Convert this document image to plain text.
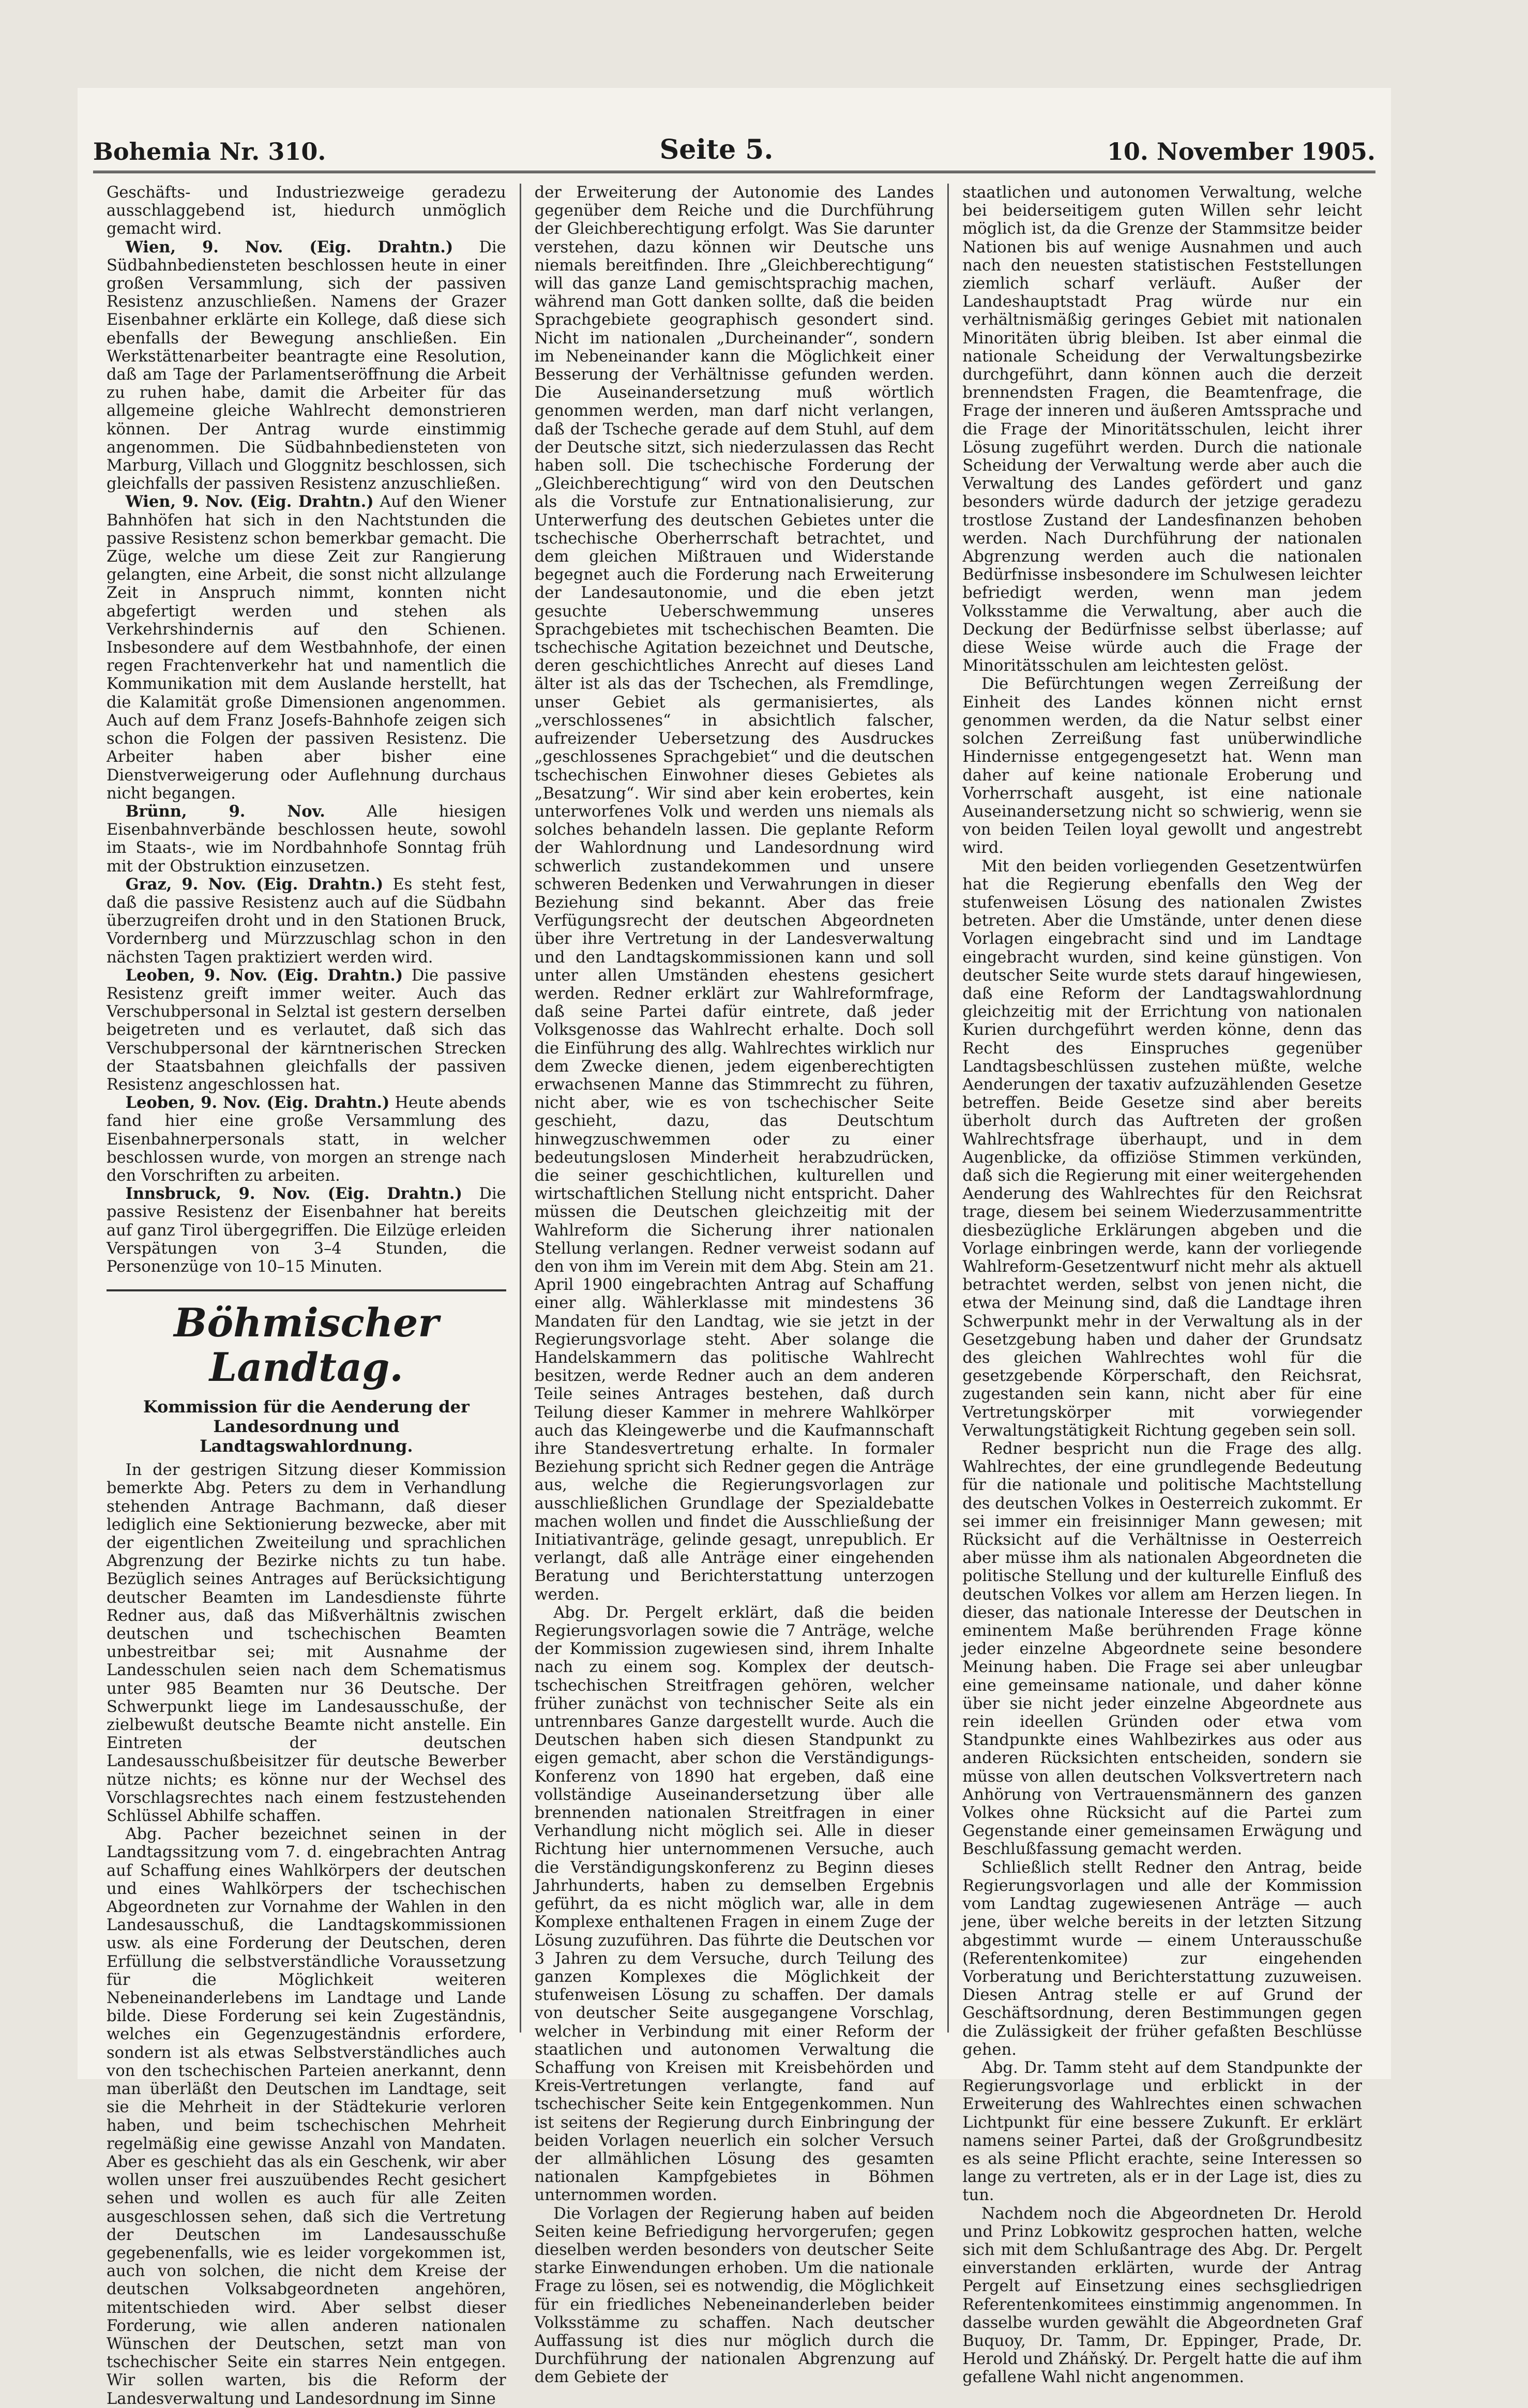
Bohemia Nr. 310.	Seite 5.	10. November 1905.

Geschäfts- und Industriezweige geradezu ausschlaggebend ist, hiedurch unmöglich gemacht wird.

Wien, 9. Nov. (Eig. Drahtn.) Die Südbahnbediensteten beschlossen heute in einer großen Versammlung, sich der passiven Resistenz anzuschließen. Namens der Grazer Eisenbahner erklärte ein Kollege, daß diese sich ebenfalls der Bewegung anschließen. Ein Werkstättenarbeiter beantragte eine Resolution, daß am Tage der Parlamentseröffnung die Arbeit zu ruhen habe, damit die Arbeiter für das allgemeine gleiche Wahlrecht demonstrieren können. Der Antrag wurde einstimmig angenommen. Die Südbahnbediensteten von Marburg, Villach und Gloggnitz beschlossen, sich gleichfalls der passiven Resistenz anzuschließen.

Wien, 9. Nov. (Eig. Drahtn.) Auf den Wiener Bahnhöfen hat sich in den Nachtstunden die passive Resistenz schon bemerkbar gemacht. Die Züge, welche um diese Zeit zur Rangierung gelangten, eine Arbeit, die sonst nicht allzulange Zeit in Anspruch nimmt, konnten nicht abgefertigt werden und stehen als Verkehrshindernis auf den Schienen. Insbesondere auf dem Westbahnhofe, der einen regen Frachtenverkehr hat und namentlich die Kommunikation mit dem Auslande herstellt, hat die Kalamität große Dimensionen angenommen. Auch auf dem Franz Josefs-Bahnhofe zeigen sich schon die Folgen der passiven Resistenz. Die Arbeiter haben aber bisher eine Dienstverweigerung oder Auflehnung durchaus nicht begangen.

Brünn, 9. Nov.	Alle hiesigen Eisenbahnverbände beschlossen heute, sowohl im Staats-, wie im Nordbahnhofe Sonntag früh mit der Obstruktion einzusetzen.

Graz, 9. Nov. (Eig. Drahtn.) Es steht fest, daß die passive Resistenz auch auf die Südbahn überzugreifen droht und in den Stationen Bruck, Vordernberg und Mürzzuschlag schon in den nächsten Tagen praktiziert werden wird.

Leoben, 9. Nov. (Eig. Drahtn.) Die passive Resistenz greift immer weiter. Auch das Verschubpersonal in Selztal ist gestern derselben beigetreten und es verlautet, daß sich das Verschubpersonal der kärntnerischen Strecken der Staatsbahnen gleichfalls der passiven Resistenz angeschlossen hat.

Leoben, 9. Nov. (Eig. Drahtn.) Heute abends fand hier eine große Versammlung des Eisenbahnerpersonals statt, in welcher beschlossen wurde, von morgen an strenge nach den Vorschriften zu arbeiten.

Innsbruck, 9. Nov. (Eig. Drahtn.) Die passive Resistenz der Eisenbahner hat bereits auf ganz Tirol übergegriffen. Die Eilzüge erleiden Verspätungen von 3–4 Stunden, die Personenzüge von 10–15 Minuten.

Böhmischer Landtag.
Kommission für die Aenderung der Landesordnung und Landtagswahlordnung.

In der gestrigen Sitzung dieser Kommission bemerkte Abg. Peters zu dem in Verhandlung stehenden Antrage Bachmann, daß dieser lediglich eine Sektionierung bezwecke, aber mit der eigentlichen Zweiteilung und sprachlichen Abgrenzung der Bezirke nichts zu tun habe. Bezüglich seines Antrages auf Berücksichtigung deutscher Beamten im Landesdienste führte Redner aus, daß das Mißverhältnis zwischen deutschen und tschechischen Beamten unbestreitbar sei; mit Ausnahme der Landesschulen seien nach dem Schematismus unter 985 Beamten nur 36 Deutsche. Der Schwerpunkt liege im Landesausschuße, der zielbewußt deutsche Beamte nicht anstelle. Ein Eintreten der deutschen Landesausschußbeisitzer für deutsche Bewerber nütze nichts; es könne nur der Wechsel des Vorschlagsrechtes nach einem festzustehenden Schlüssel Abhilfe schaffen.

Abg. Pacher bezeichnet seinen in der Landtagssitzung vom 7. d. eingebrachten Antrag auf Schaffung eines Wahlkörpers der deutschen und eines Wahlkörpers der tschechischen Abgeordneten zur Vornahme der Wahlen in den Landesausschuß, die Landtagskommissionen usw. als eine Forderung der Deutschen, deren Erfüllung die selbstverständliche Voraussetzung für die Möglichkeit weiteren Nebeneinanderlebens im Landtage und Lande bilde. Diese Forderung sei kein Zugeständnis, welches ein Gegenzugeständnis erfordere, sondern ist als etwas Selbstverständliches auch von den tschechischen Parteien anerkannt, denn man überläßt den Deutschen im Landtage, seit sie die Mehrheit in der Städtekurie verloren haben, und beim tschechischen Mehrheit regelmäßig eine gewisse Anzahl von Mandaten. Aber es geschieht das als ein Geschenk, wir aber wollen unser frei auszuübendes Recht gesichert sehen und wollen es auch für alle Zeiten ausgeschlossen sehen, daß sich die Vertretung der Deutschen im Landesausschuße gegebenenfalls, wie es leider vorgekommen ist, auch von solchen, die nicht dem Kreise der deutschen Volksabgeordneten angehören, mitentschieden wird. Aber selbst dieser Forderung, wie allen anderen nationalen Wünschen der Deutschen, setzt man von tschechischer Seite ein starres Nein entgegen. Wir sollen warten, bis die Reform der Landesverwaltung und Landesordnung im Sinne

der Erweiterung der Autonomie des Landes gegenüber dem Reiche und die Durchführung der Gleichberechtigung erfolgt. Was Sie darunter verstehen, dazu können wir Deutsche uns niemals bereitfinden. Ihre „Gleichberechtigung“ will das ganze Land gemischtsprachig machen, während man Gott danken sollte, daß die beiden Sprachgebiete geographisch gesondert sind. Nicht im nationalen „Durcheinander“, sondern im Nebeneinander kann die Möglichkeit einer Besserung der Verhältnisse gefunden werden. Die Auseinandersetzung muß wörtlich genommen werden, man darf nicht verlangen, daß der Tscheche gerade auf dem Stuhl, auf dem der Deutsche sitzt, sich niederzulassen das Recht haben soll. Die tschechische Forderung der „Gleichberechtigung“ wird von den Deutschen als die Vorstufe zur Entnationalisierung, zur Unterwerfung des deutschen Gebietes unter die tschechische Oberherrschaft betrachtet, und dem gleichen Mißtrauen und Widerstande begegnet auch die Forderung nach Erweiterung der Landesautonomie, und die eben jetzt gesuchte Ueberschwemmung unseres Sprachgebietes mit tschechischen Beamten. Die tschechische Agitation bezeichnet und Deutsche, deren geschichtliches Anrecht auf dieses Land älter ist als das der Tschechen, als Fremdlinge, unser Gebiet als germanisiertes, als „verschlossenes“ in absichtlich falscher, aufreizender Uebersetzung des Ausdruckes „geschlossenes Sprachgebiet“ und die deutschen tschechischen Einwohner dieses Gebietes als „Besatzung“. Wir sind aber kein erobertes, kein unterworfenes Volk und werden uns niemals als solches behandeln lassen. Die geplante Reform der Wahlordnung und Landesordnung wird schwerlich zustandekommen und unsere schweren Bedenken und Verwahrungen in dieser Beziehung sind bekannt. Aber das freie Verfügungsrecht der deutschen Abgeordneten über ihre Vertretung in der Landesverwaltung und den Landtagskommissionen kann und soll unter allen Umständen ehestens gesichert werden. Redner erklärt zur Wahlreformfrage, daß seine Partei dafür eintrete, daß jeder Volksgenosse das Wahlrecht erhalte. Doch soll die Einführung des allg. Wahlrechtes wirklich nur dem Zwecke dienen, jedem eigenberechtigten erwachsenen Manne das Stimmrecht zu führen, nicht aber, wie es von tschechischer Seite geschieht, dazu, das Deutschtum hinwegzuschwemmen oder zu einer bedeutungslosen Minderheit herabzudrücken, die seiner geschichtlichen, kulturellen und wirtschaftlichen Stellung nicht entspricht. Daher müssen die Deutschen gleichzeitig mit der Wahlreform die Sicherung ihrer nationalen Stellung verlangen. Redner verweist sodann auf den von ihm im Verein mit dem Abg. Stein am 21. April 1900 eingebrachten Antrag auf Schaffung einer allg. Wählerklasse mit mindestens 36 Mandaten für den Landtag, wie sie jetzt in der Regierungsvorlage steht. Aber solange die Handelskammern das politische Wahlrecht besitzen, werde Redner auch an dem anderen Teile seines Antrages bestehen, daß durch Teilung dieser Kammer in mehrere Wahlkörper auch das Kleingewerbe und die Kaufmannschaft ihre Standesvertretung erhalte. In formaler Beziehung spricht sich Redner gegen die Anträge aus, welche die Regierungsvorlagen zur ausschließlichen Grundlage der Spezialdebatte machen wollen und findet die Ausschließung der Initiativanträge, gelinde gesagt, unrepublich. Er verlangt, daß alle Anträge einer eingehenden Beratung und Berichterstattung unterzogen werden.

Abg. Dr. Pergelt erklärt, daß die beiden Regierungsvorlagen sowie die 7 Anträge, welche der Kommission zugewiesen sind, ihrem Inhalte nach zu einem sog. Komplex der deutsch-tschechischen Streitfragen gehören, welcher früher zunächst von technischer Seite als ein untrennbares Ganze dargestellt wurde. Auch die Deutschen haben sich diesen Standpunkt zu eigen gemacht, aber schon die Verständigungs-Konferenz von 1890 hat ergeben, daß eine vollständige Auseinandersetzung über alle brennenden nationalen Streitfragen in einer Verhandlung nicht möglich sei. Alle in dieser Richtung hier unternommenen Versuche, auch die Verständigungskonferenz zu Beginn dieses Jahrhunderts, haben zu demselben Ergebnis geführt, da es nicht möglich war, alle in dem Komplexe enthaltenen Fragen in einem Zuge der Lösung zuzuführen. Das führte die Deutschen vor 3 Jahren zu dem Versuche, durch Teilung des ganzen Komplexes die Möglichkeit der stufenweisen Lösung zu schaffen. Der damals von deutscher Seite ausgegangene Vorschlag, welcher in Verbindung mit einer Reform der staatlichen und autonomen Verwaltung die Schaffung von Kreisen mit Kreisbehörden und Kreis-Vertretungen verlangte, fand auf tschechischer Seite kein Entgegenkommen. Nun ist seitens der Regierung durch Einbringung der beiden Vorlagen neuerlich ein solcher Versuch der allmählichen Lösung des gesamten nationalen Kampfgebietes in Böhmen unternommen worden.

Die Vorlagen der Regierung haben auf beiden Seiten keine Befriedigung hervorgerufen; gegen dieselben werden besonders von deutscher Seite starke Einwendungen erhoben. Um die nationale Frage zu lösen, sei es notwendig, die Möglichkeit für ein friedliches Nebeneinanderleben beider Volksstämme zu schaffen. Nach deutscher Auffassung ist dies nur möglich durch die Durchführung der nationalen Abgrenzung auf dem Gebiete der

staatlichen und autonomen Verwaltung, welche bei beiderseitigem guten Willen sehr leicht möglich ist, da die Grenze der Stammsitze beider Nationen bis auf wenige Ausnahmen und auch nach den neuesten statistischen Feststellungen ziemlich scharf verläuft. Außer der Landeshauptstadt Prag würde nur ein verhältnismäßig geringes Gebiet mit nationalen Minoritäten übrig bleiben. Ist aber einmal die nationale Scheidung der Verwaltungsbezirke durchgeführt, dann können auch die derzeit brennendsten Fragen, die Beamtenfrage, die Frage der inneren und äußeren Amtssprache und die Frage der Minoritätsschulen, leicht ihrer Lösung zugeführt werden. Durch die nationale Scheidung der Verwaltung werde aber auch die Verwaltung des Landes gefördert und ganz besonders würde dadurch der jetzige geradezu trostlose Zustand der Landesfinanzen behoben werden. Nach Durchführung der nationalen Abgrenzung werden auch die nationalen Bedürfnisse insbesondere im Schulwesen leichter befriedigt werden, wenn man jedem Volksstamme die Verwaltung, aber auch die Deckung der Bedürfnisse selbst überlasse; auf diese Weise würde auch die Frage der Minoritätsschulen am leichtesten gelöst.

Die Befürchtungen wegen Zerreißung der Einheit des Landes können nicht ernst genommen werden, da die Natur selbst einer solchen Zerreißung fast unüberwindliche Hindernisse entgegengesetzt hat. Wenn man daher auf keine nationale Eroberung und Vorherrschaft ausgeht, ist eine nationale Auseinandersetzung nicht so schwierig, wenn sie von beiden Teilen loyal gewollt und angestrebt wird.

Mit den beiden vorliegenden Gesetzentwürfen hat die Regierung ebenfalls den Weg der stufenweisen Lösung des nationalen Zwistes betreten. Aber die Umstände, unter denen diese Vorlagen eingebracht sind und im Landtage eingebracht wurden, sind keine günstigen. Von deutscher Seite wurde stets darauf hingewiesen, daß eine Reform der Landtagswahlordnung gleichzeitig mit der Errichtung von nationalen Kurien durchgeführt werden könne, denn das Recht des Einspruches gegenüber Landtagsbeschlüssen zustehen müßte, welche Aenderungen der taxativ aufzuzählenden Gesetze betreffen. Beide Gesetze sind aber bereits überholt durch das Auftreten der großen Wahlrechtsfrage überhaupt, und in dem Augenblicke, da offiziöse Stimmen verkünden, daß sich die Regierung mit einer weitergehenden Aenderung des Wahlrechtes für den Reichsrat trage, diesem bei seinem Wiederzusammentritte diesbezügliche Erklärungen abgeben und die Vorlage einbringen werde, kann der vorliegende Wahlreform-Gesetzentwurf nicht mehr als aktuell betrachtet werden, selbst von jenen nicht, die etwa der Meinung sind, daß die Landtage ihren Schwerpunkt mehr in der Verwaltung als in der Gesetzgebung haben und daher der Grundsatz des gleichen Wahlrechtes wohl für die gesetzgebende Körperschaft, den Reichsrat, zugestanden sein kann, nicht aber für eine Vertretungskörper mit vorwiegender Verwaltungstätigkeit Richtung gegeben sein soll.

Redner bespricht nun die Frage des allg. Wahlrechtes, der eine grundlegende Bedeutung für die nationale und politische Machtstellung des deutschen Volkes in Oesterreich zukommt. Er sei immer ein freisinniger Mann gewesen; mit Rücksicht auf die Verhältnisse in Oesterreich aber müsse ihm als nationalen Abgeordneten die politische Stellung und der kulturelle Einfluß des deutschen Volkes vor allem am Herzen liegen. In dieser, das nationale Interesse der Deutschen in eminentem Maße berührenden Frage könne jeder einzelne Abgeordnete seine besondere Meinung haben. Die Frage sei aber unleugbar eine gemeinsame nationale, und daher könne über sie nicht jeder einzelne Abgeordnete aus rein ideellen Gründen oder etwa vom Standpunkte eines Wahlbezirkes aus oder aus anderen Rücksichten entscheiden, sondern sie müsse von allen deutschen Volksvertretern nach Anhörung von Vertrauensmännern des ganzen Volkes ohne Rücksicht auf die Partei zum Gegenstande einer gemeinsamen Erwägung und Beschlußfassung gemacht werden.

Schließlich stellt Redner den Antrag, beide Regierungsvorlagen und alle der Kommission vom Landtag zugewiesenen Anträge — auch jene, über welche bereits in der letzten Sitzung abgestimmt wurde — einem Unterausschuße (Referentenkomitee) zur eingehenden Vorberatung und Berichterstattung zuzuweisen. Diesen Antrag stelle er auf Grund der Geschäftsordnung, deren Bestimmungen gegen die Zulässigkeit der früher gefaßten Beschlüsse gehen.

Abg. Dr. Tamm steht auf dem Standpunkte der Regierungsvorlage und erblickt in der Erweiterung des Wahlrechtes einen schwachen Lichtpunkt für eine bessere Zukunft. Er erklärt namens seiner Partei, daß der Großgrundbesitz es als seine Pflicht erachte, seine Interessen so lange zu vertreten, als er in der Lage ist, dies zu tun.

Nachdem noch die Abgeordneten Dr. Herold und Prinz Lobkowitz gesprochen hatten, welche sich mit dem Schlußantrage des Abg. Dr. Pergelt einverstanden erklärten, wurde der Antrag Pergelt auf Einsetzung eines sechsgliedrigen Referentenkomitees einstimmig angenommen. In dasselbe wurden gewählt die Abgeordneten Graf Buquoy, Dr. Tamm, Dr. Eppinger, Prade, Dr. Herold und Zháňský. Dr. Pergelt hatte die auf ihm gefallene Wahl nicht angenommen.
